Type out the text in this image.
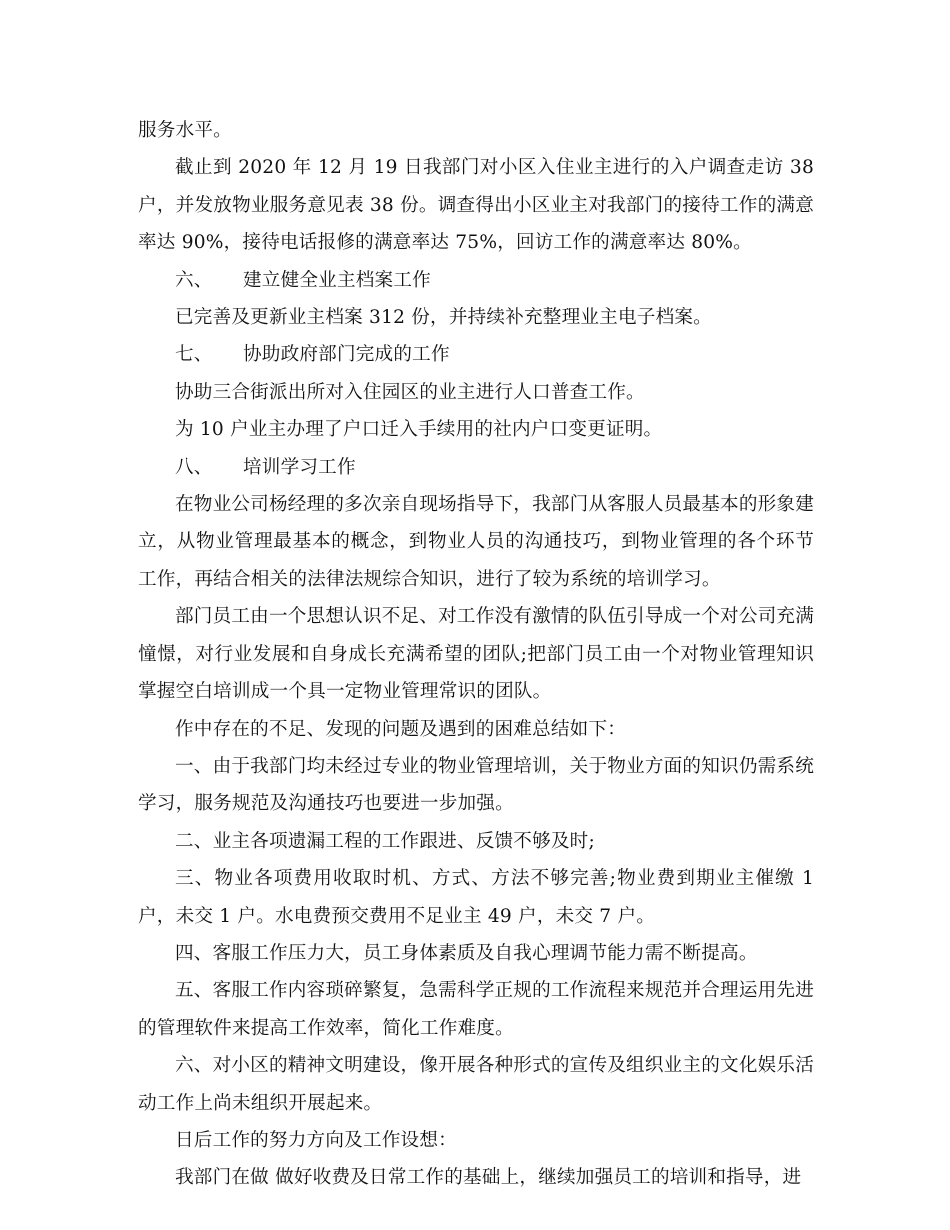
服务水平。

截止到 2020 年 12 月 19 日我部门对小区入住业主进行的入户调查走访 38 户，并发放物业服务意见表 38 份。调查得出小区业主对我部门的接待工作的满意率达 90%，接待电话报修的满意率达 75%，回访工作的满意率达 80%。

六、 建立健全业主档案工作

已完善及更新业主档案 312 份，并持续补充整理业主电子档案。

七、 协助政府部门完成的工作

协助三合街派出所对入住园区的业主进行人口普查工作。

为 10 户业主办理了户口迁入手续用的社内户口变更证明。

八、 培训学习工作

在物业公司杨经理的多次亲自现场指导下，我部门从客服人员最基本的形象建立，从物业管理最基本的概念，到物业人员的沟通技巧，到物业管理的各个环节工作，再结合相关的法律法规综合知识，进行了较为系统的培训学习。

部门员工由一个思想认识不足、对工作没有激情的队伍引导成一个对公司充满憧憬，对行业发展和自身成长充满希望的团队;把部门员工由一个对物业管理知识掌握空白培训成一个具一定物业管理常识的团队。

作中存在的不足、发现的问题及遇到的困难总结如下：

一、由于我部门均未经过专业的物业管理培训，关于物业方面的知识仍需系统学习，服务规范及沟通技巧也要进一步加强。

二、业主各项遗漏工程的工作跟进、反馈不够及时;

三、物业各项费用收取时机、方式、方法不够完善;物业费到期业主催缴 1 户，未交 1 户。水电费预交费用不足业主 49 户，未交 7 户。

四、客服工作压力大，员工身体素质及自我心理调节能力需不断提高。

五、客服工作内容琐碎繁复，急需科学正规的工作流程来规范并合理运用先进的管理软件来提高工作效率，简化工作难度。

六、对小区的精神文明建设，像开展各种形式的宣传及组织业主的文化娱乐活动工作上尚未组织开展起来。

日后工作的努力方向及工作设想：

我部门在做 做好收费及日常工作的基础上，继续加强员工的培训和指导，进
